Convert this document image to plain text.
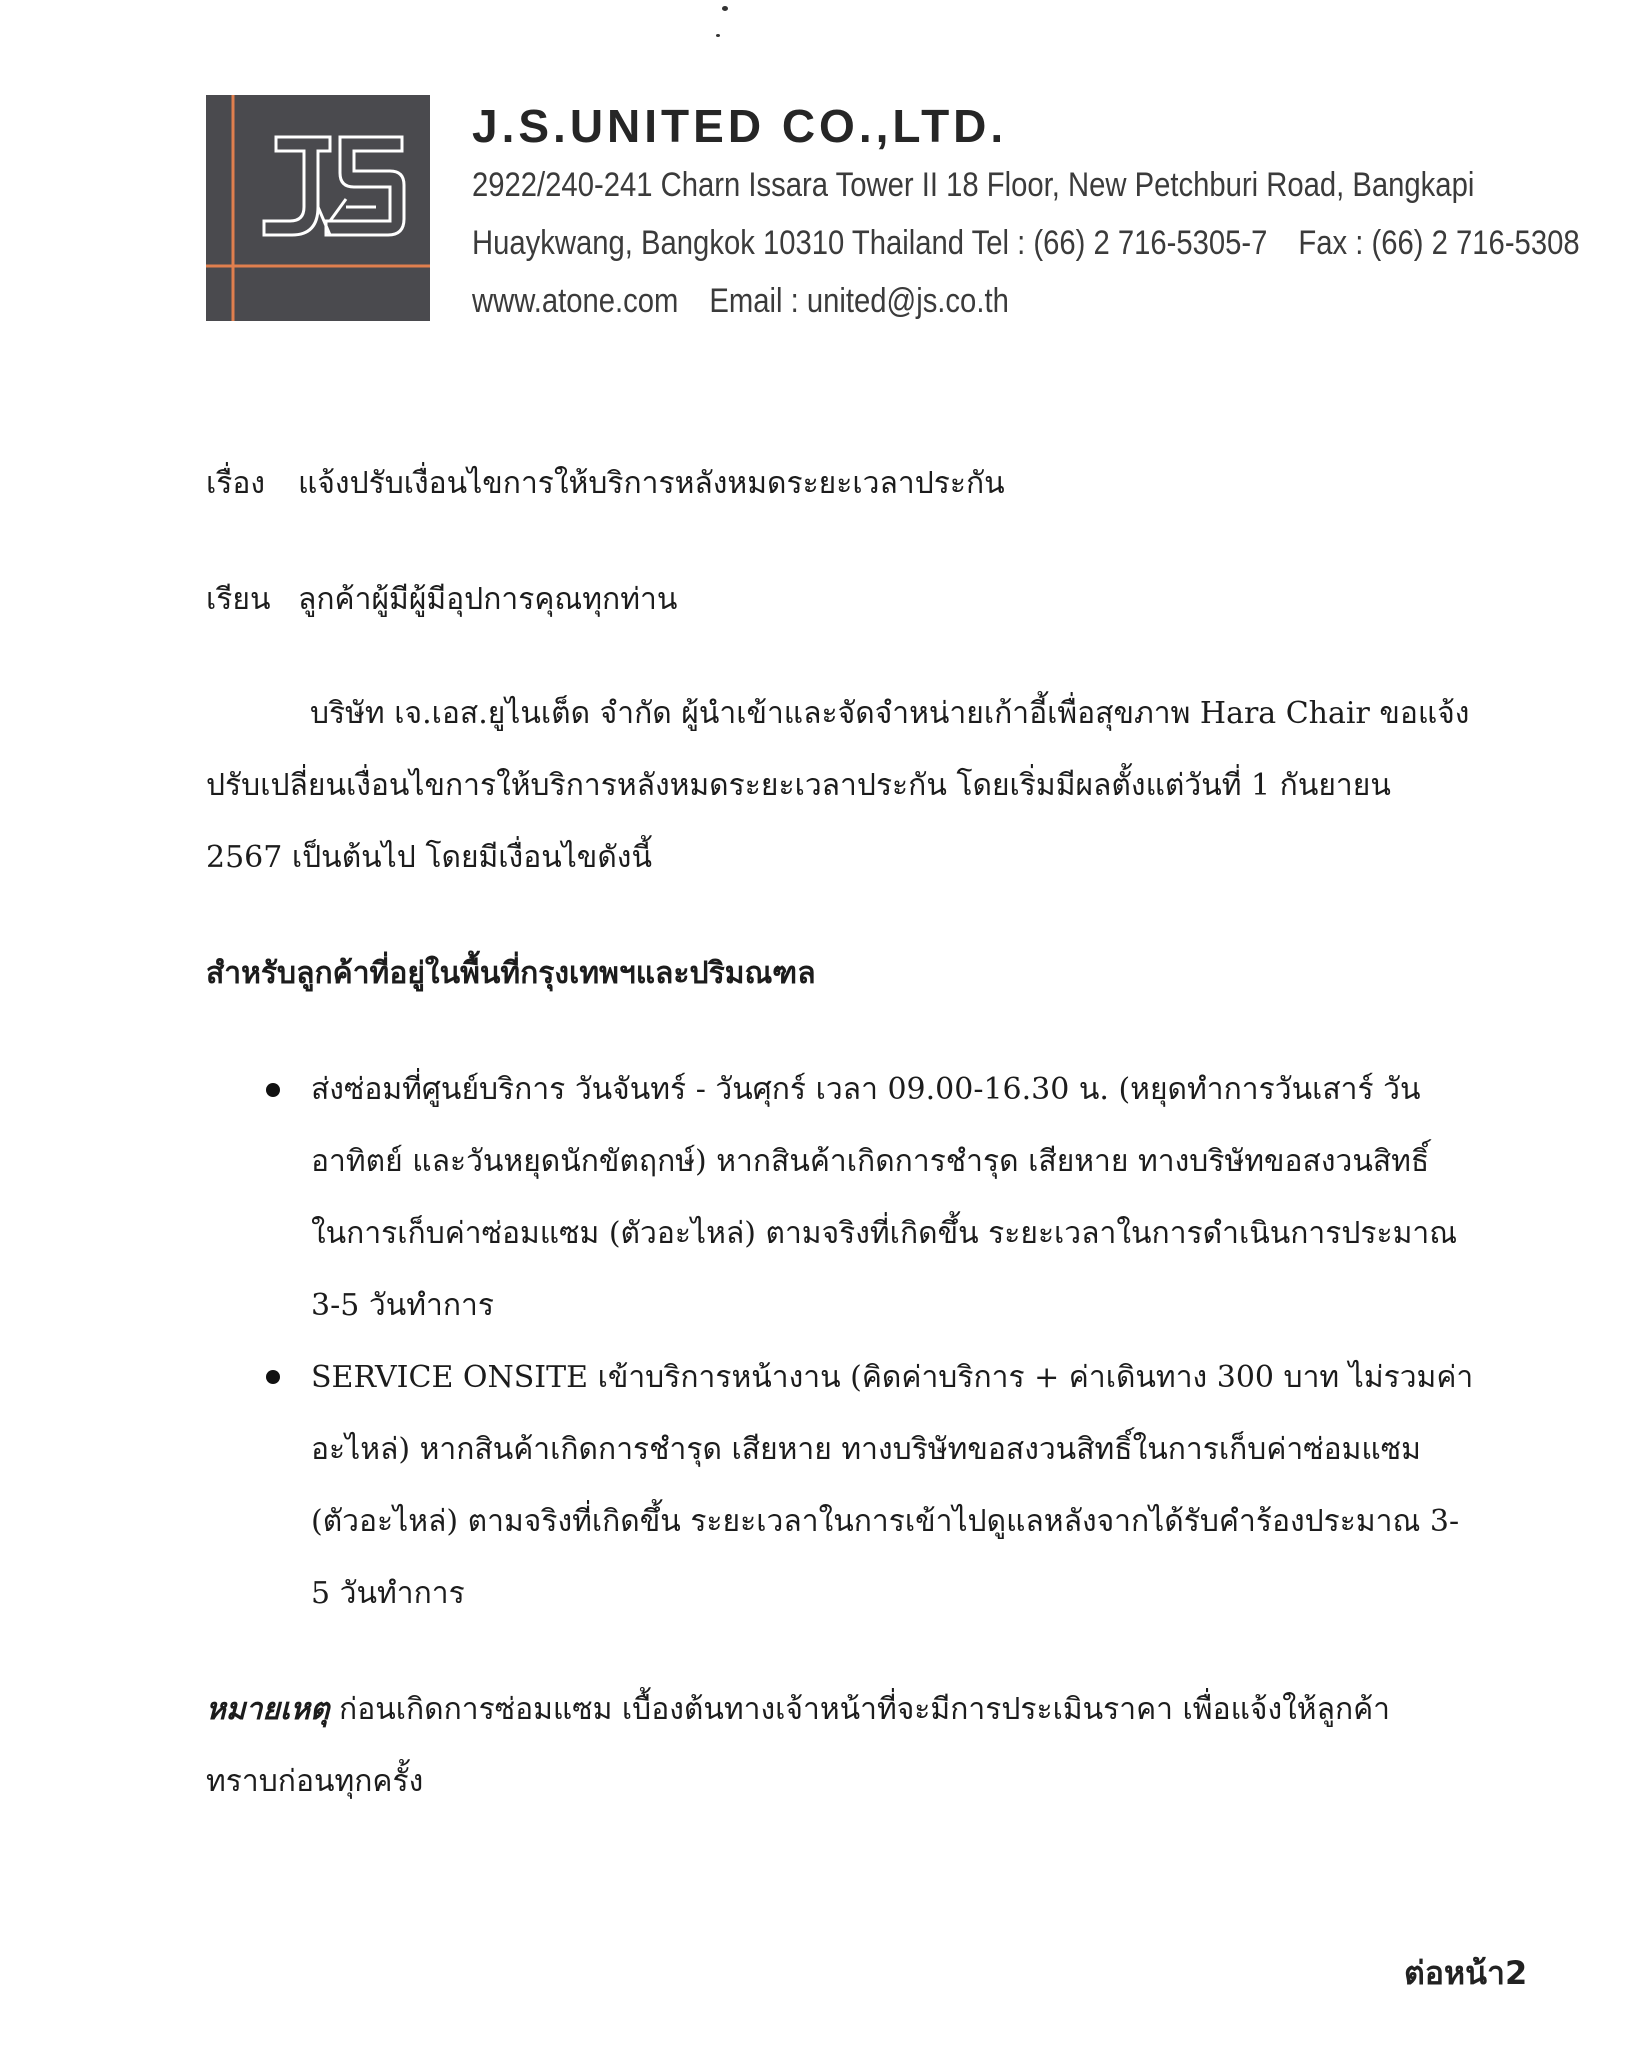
J.S.UNITED CO.,LTD.
2922/240-241 Charn Issara Tower II 18 Floor, New Petchburi Road, Bangkapi
Huaykwang, Bangkok 10310 Thailand Tel : (66) 2 716-5305-7 Fax : (66) 2 716-5308
www.atone.com Email : united@js.co.th
เรื่อง แจ้งปรับเงื่อนไขการให้บริการหลังหมดระยะเวลาประกัน
เรียน ลูกค้าผู้มีผู้มีอุปการคุณทุกท่าน
บริษัท เจ.เอส.ยูไนเต็ด จำกัด ผู้นำเข้าและจัดจำหน่ายเก้าอี้เพื่อสุขภาพ Hara Chair ขอแจ้ง
ปรับเปลี่ยนเงื่อนไขการให้บริการหลังหมดระยะเวลาประกัน โดยเริ่มมีผลตั้งแต่วันที่ 1 กันยายน
2567 เป็นต้นไป โดยมีเงื่อนไขดังนี้
สำหรับลูกค้าที่อยู่ในพื้นที่กรุงเทพฯและปริมณฑล
ส่งซ่อมที่ศูนย์บริการ วันจันทร์ - วันศุกร์ เวลา 09.00-16.30 น. (หยุดทำการวันเสาร์ วัน
อาทิตย์ และวันหยุดนักขัตฤกษ์) หากสินค้าเกิดการชำรุด เสียหาย ทางบริษัทขอสงวนสิทธิ์
ในการเก็บค่าซ่อมแซม (ตัวอะไหล่) ตามจริงที่เกิดขึ้น ระยะเวลาในการดำเนินการประมาณ
3-5 วันทำการ
SERVICE ONSITE เข้าบริการหน้างาน (คิดค่าบริการ + ค่าเดินทาง 300 บาท ไม่รวมค่า
อะไหล่) หากสินค้าเกิดการชำรุด เสียหาย ทางบริษัทขอสงวนสิทธิ์ในการเก็บค่าซ่อมแซม
(ตัวอะไหล่) ตามจริงที่เกิดขึ้น ระยะเวลาในการเข้าไปดูแลหลังจากได้รับคำร้องประมาณ 3-
5 วันทำการ
หมายเหตุ ก่อนเกิดการซ่อมแซม เบื้องต้นทางเจ้าหน้าที่จะมีการประเมินราคา เพื่อแจ้งให้ลูกค้า
ทราบก่อนทุกครั้ง
ต่อหน้า2
